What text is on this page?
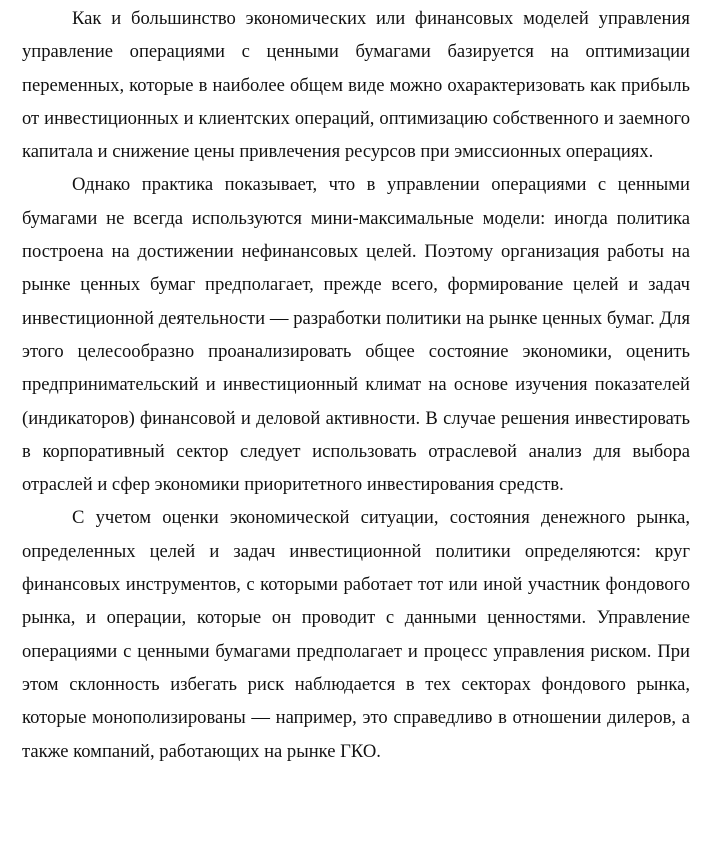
Как и большинство экономических или финансовых моделей управления управление операциями с ценными бумагами базируется на оптимизации переменных, которые в наиболее общем виде можно охарактеризовать как прибыль от инвестиционных и клиентских операций, оптимизацию собственного и заемного капитала и снижение цены привлечения ресурсов при эмиссионных операциях.

Однако практика показывает, что в управлении операциями с ценными бумагами не всегда используются мини-максимальные модели: иногда политика построена на достижении нефинансовых целей. Поэтому организация работы на рынке ценных бумаг предполагает, прежде всего, формирование целей и задач инвестиционной деятельности — разработки политики на рынке ценных бумаг. Для этого целесообразно проанализировать общее состояние экономики, оценить предпринимательский и инвестиционный климат на основе изучения показателей (индикаторов) финансовой и деловой активности. В случае решения инвестировать в корпоративный сектор следует использовать отраслевой анализ для выбора отраслей и сфер экономики приоритетного инвестирования средств.

С учетом оценки экономической ситуации, состояния денежного рынка, определенных целей и задач инвестиционной политики определяются: круг финансовых инструментов, с которыми работает тот или иной участник фондового рынка, и операции, которые он проводит с данными ценностями. Управление операциями с ценными бумагами предполагает и процесс управления риском. При этом склонность избегать риск наблюдается в тех секторах фондового рынка, которые монополизированы — например, это справедливо в отношении дилеров, а также компаний, работающих на рынке ГКО.
